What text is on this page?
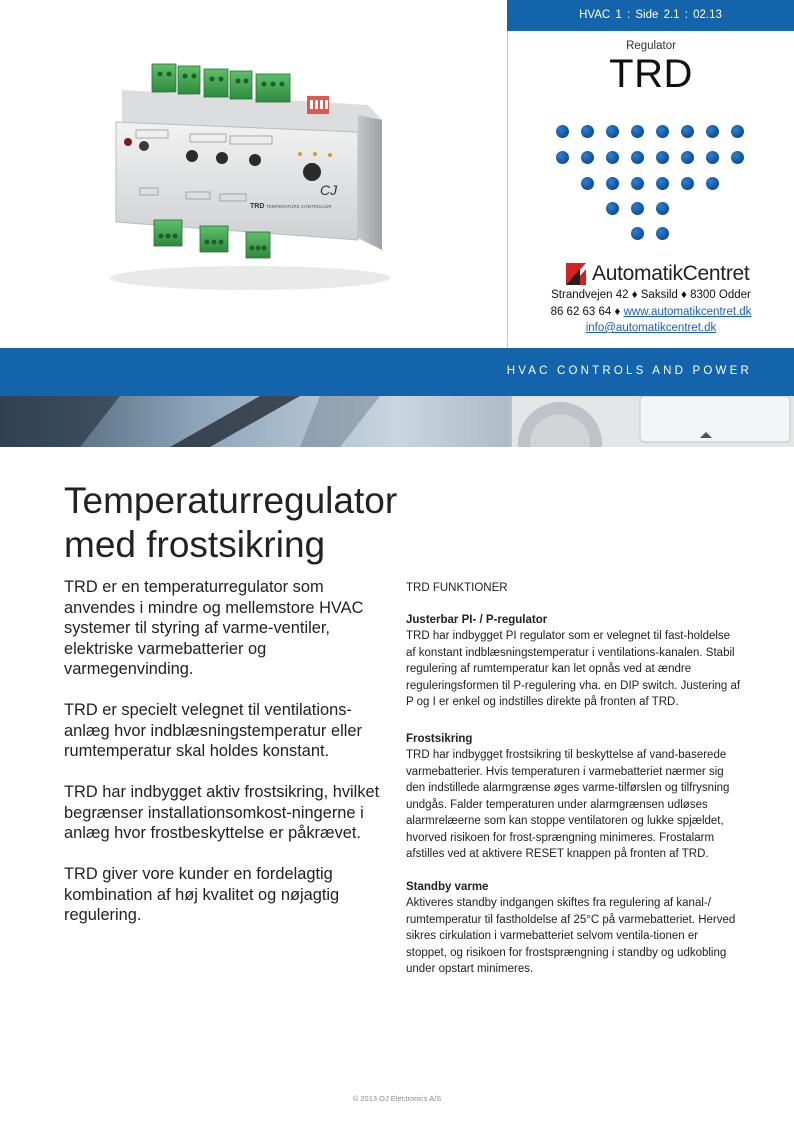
HVAC 1 : Side 2.1 : 02.13
Regulator
TRD
AutomatikCentret
Strandvejen 42 ♦ Saksild ♦ 8300 Odder
86 62 63 64 ♦ www.automatikcentret.dk
info@automatikcentret.dk
TRD TEMPERATURE CONTROLLER
CJ
HVAC CONTROLS AND POWER
Temperaturregulator
med frostsikring

TRD er en temperaturregulator som anvendes i mindre og mellemstore HVAC systemer til styring af varme-ventiler, elektriske varmebatterier og varmegenvinding.

TRD er specielt velegnet til ventilations-anlæg hvor indblæsningstemperatur eller rumtemperatur skal holdes konstant.

TRD har indbygget aktiv frostsikring, hvilket begrænser installationsomkost-ningerne i anlæg hvor frostbeskyttelse er påkrævet.

TRD giver vore kunder en fordelagtig kombination af høj kvalitet og nøjagtig regulering.

TRD FUNKTIONER

Justerbar PI- / P-regulator

TRD har indbygget PI regulator som er velegnet til fast-holdelse af konstant indblæsningstemperatur i ventilations-kanalen. Stabil regulering af rumtemperatur kan let opnås ved at ændre reguleringsformen til P-regulering vha. en DIP switch. Justering af P og I er enkel og indstilles direkte på fronten af TRD.

Frostsikring

TRD har indbygget frostsikring til beskyttelse af vand-baserede varmebatterier. Hvis temperaturen i varmebatteriet nærmer sig den indstillede alarmgrænse øges varme-tilførslen og tilfrysning undgås. Falder temperaturen under alarmgrænsen udløses alarmrelæerne som kan stoppe ventilatoren og lukke spjældet, hvorved risikoen for frost-sprængning minimeres. Frostalarm afstilles ved at aktivere RESET knappen på fronten af TRD.

Standby varme

Aktiveres standby indgangen skiftes fra regulering af kanal-/ rumtemperatur til fastholdelse af 25°C på varmebatteriet. Herved sikres cirkulation i varmebatteriet selvom ventila-tionen er stoppet, og risikoen for frostsprængning i standby og udkobling under opstart minimeres.

© 2013 OJ Electronics A/S
